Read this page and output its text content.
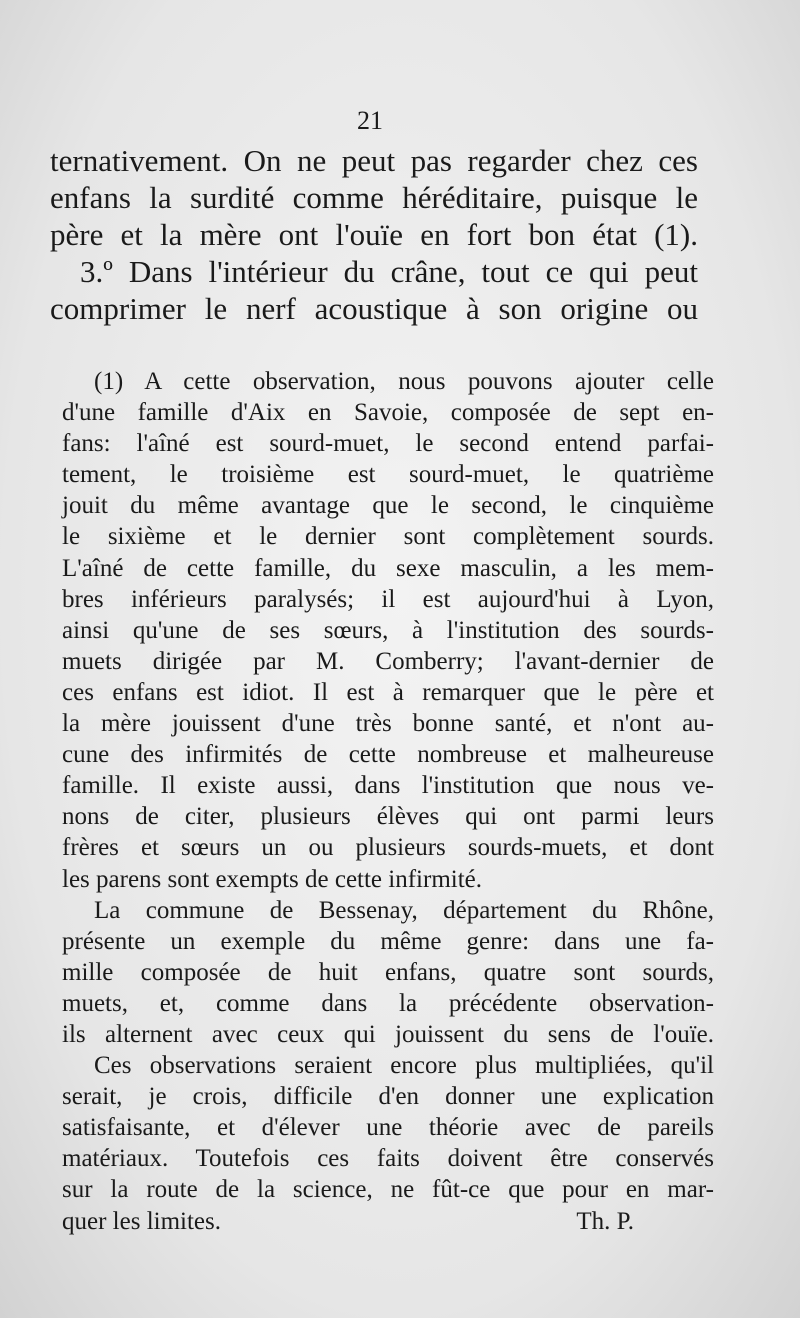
21
ternativement. On ne peut pas regarder chez ces
enfans la surdité comme héréditaire, puisque le
père et la mère ont l'ouïe en fort bon état (1).
3.º Dans l'intérieur du crâne, tout ce qui peut
comprimer le nerf acoustique à son origine ou
(1) A cette observation, nous pouvons ajouter celle
d'une famille d'Aix en Savoie, composée de sept en-
fans: l'aîné est sourd-muet, le second entend parfai-
tement, le troisième est sourd-muet, le quatrième
jouit du même avantage que le second, le cinquième
le sixième et le dernier sont complètement sourds.
L'aîné de cette famille, du sexe masculin, a les mem-
bres inférieurs paralysés; il est aujourd'hui à Lyon,
ainsi qu'une de ses sœurs, à l'institution des sourds-
muets dirigée par M. Comberry; l'avant-dernier de
ces enfans est idiot. Il est à remarquer que le père et
la mère jouissent d'une très bonne santé, et n'ont au-
cune des infirmités de cette nombreuse et malheureuse
famille. Il existe aussi, dans l'institution que nous ve-
nons de citer, plusieurs élèves qui ont parmi leurs
frères et sœurs un ou plusieurs sourds-muets, et dont
les parens sont exempts de cette infirmité.
La commune de Bessenay, département du Rhône,
présente un exemple du même genre: dans une fa-
mille composée de huit enfans, quatre sont sourds,
muets, et, comme dans la précédente observation-
ils alternent avec ceux qui jouissent du sens de l'ouïe.
Ces observations seraient encore plus multipliées, qu'il
serait, je crois, difficile d'en donner une explication
satisfaisante, et d'élever une théorie avec de pareils
matériaux. Toutefois ces faits doivent être conservés
sur la route de la science, ne fût-ce que pour en mar-
quer les limites.	Th. P.
